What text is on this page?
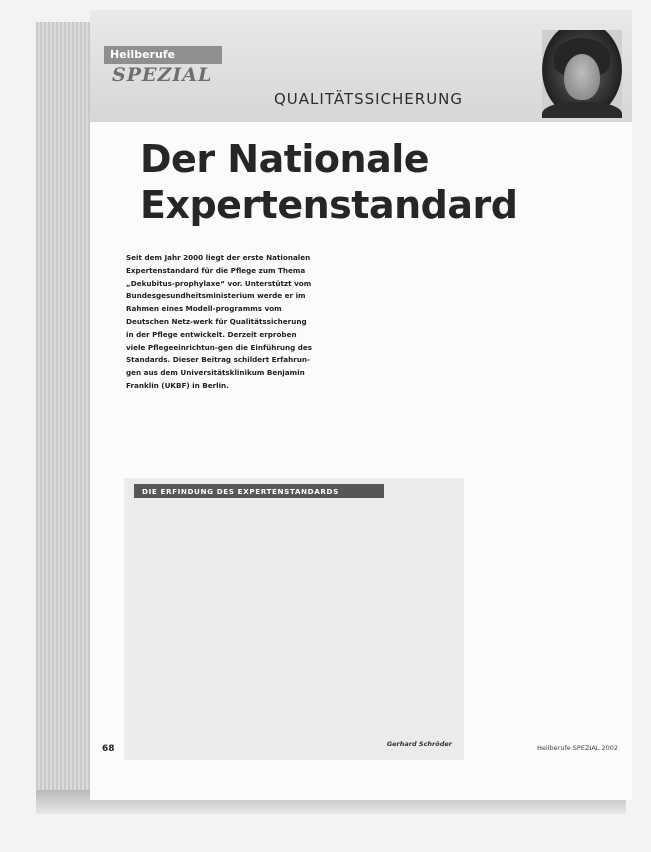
Heilberufe
SPEZIAL
QUALITÄTSSICHERUNG
Der Nationale
Expertenstandard
Seit dem Jahr 2000 liegt der erste Nationalen Expertenstandard für die Pflege zum Thema „Dekubitus-prophylaxe“ vor. Unterstützt vom Bundesgesundheitsministerium werde er im Rahmen eines Modell-programms vom Deutschen Netz-werk für Qualitätssicherung in der Pflege entwickelt. Derzeit erproben viele Pflegeeinrichtun-gen die Einführung des Standards. Dieser Beitrag schildert Erfahrun-gen aus dem Universitätsklinikum Benjamin Franklin (UKBF) in Berlin.
DIE ERFINDUNG DES EXPERTENSTANDARDS
Gerhard Schröder
68	Heilberufe SPEZIAL 2002
